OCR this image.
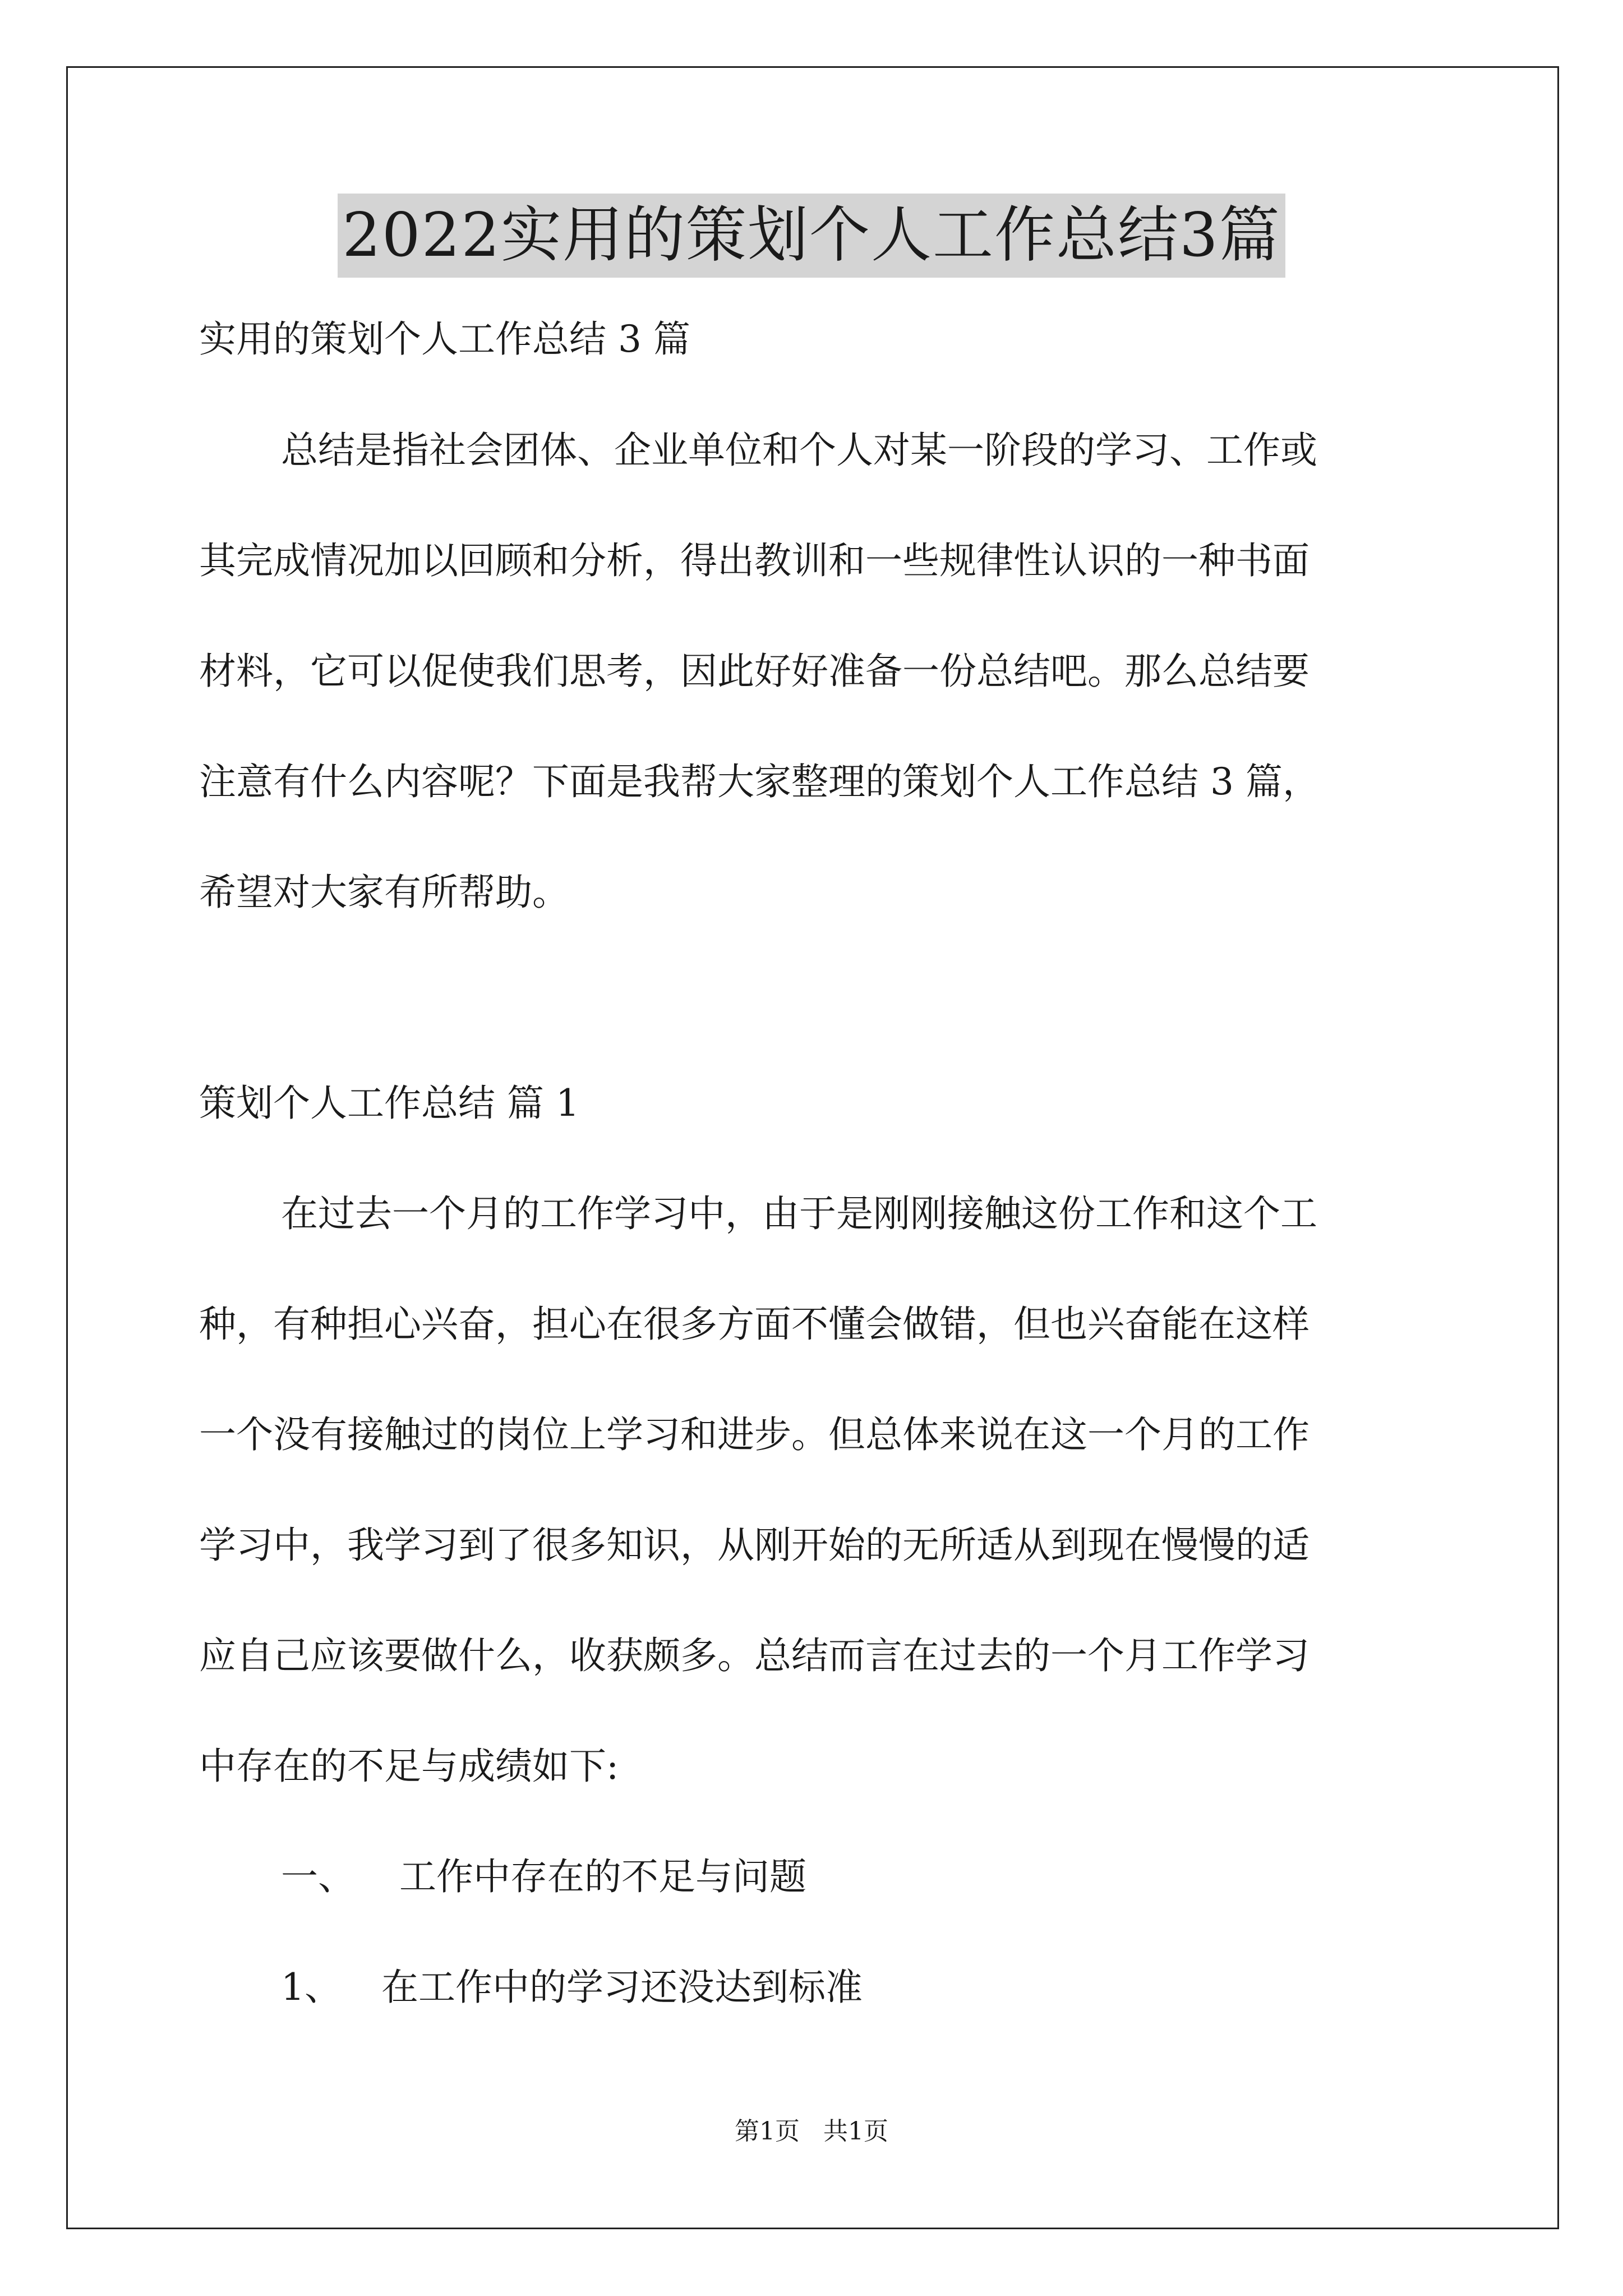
2022实用的策划个人工作总结3篇
实用的策划个人工作总结 3 篇
总结是指社会团体、企业单位和个人对某一阶段的学习、工作或
其完成情况加以回顾和分析，得出教训和一些规律性认识的一种书面
材料，它可以促使我们思考，因此好好准备一份总结吧。那么总结要
注意有什么内容呢？下面是我帮大家整理的策划个人工作总结 3 篇，
希望对大家有所帮助。
策划个人工作总结 篇 1
在过去一个月的工作学习中，由于是刚刚接触这份工作和这个工
种，有种担心兴奋，担心在很多方面不懂会做错，但也兴奋能在这样
一个没有接触过的岗位上学习和进步。但总体来说在这一个月的工作
学习中，我学习到了很多知识，从刚开始的无所适从到现在慢慢的适
应自己应该要做什么，收获颇多。总结而言在过去的一个月工作学习
中存在的不足与成绩如下:
一、 工作中存在的不足与问题
1、 在工作中的学习还没达到标准
第1页   共1页
